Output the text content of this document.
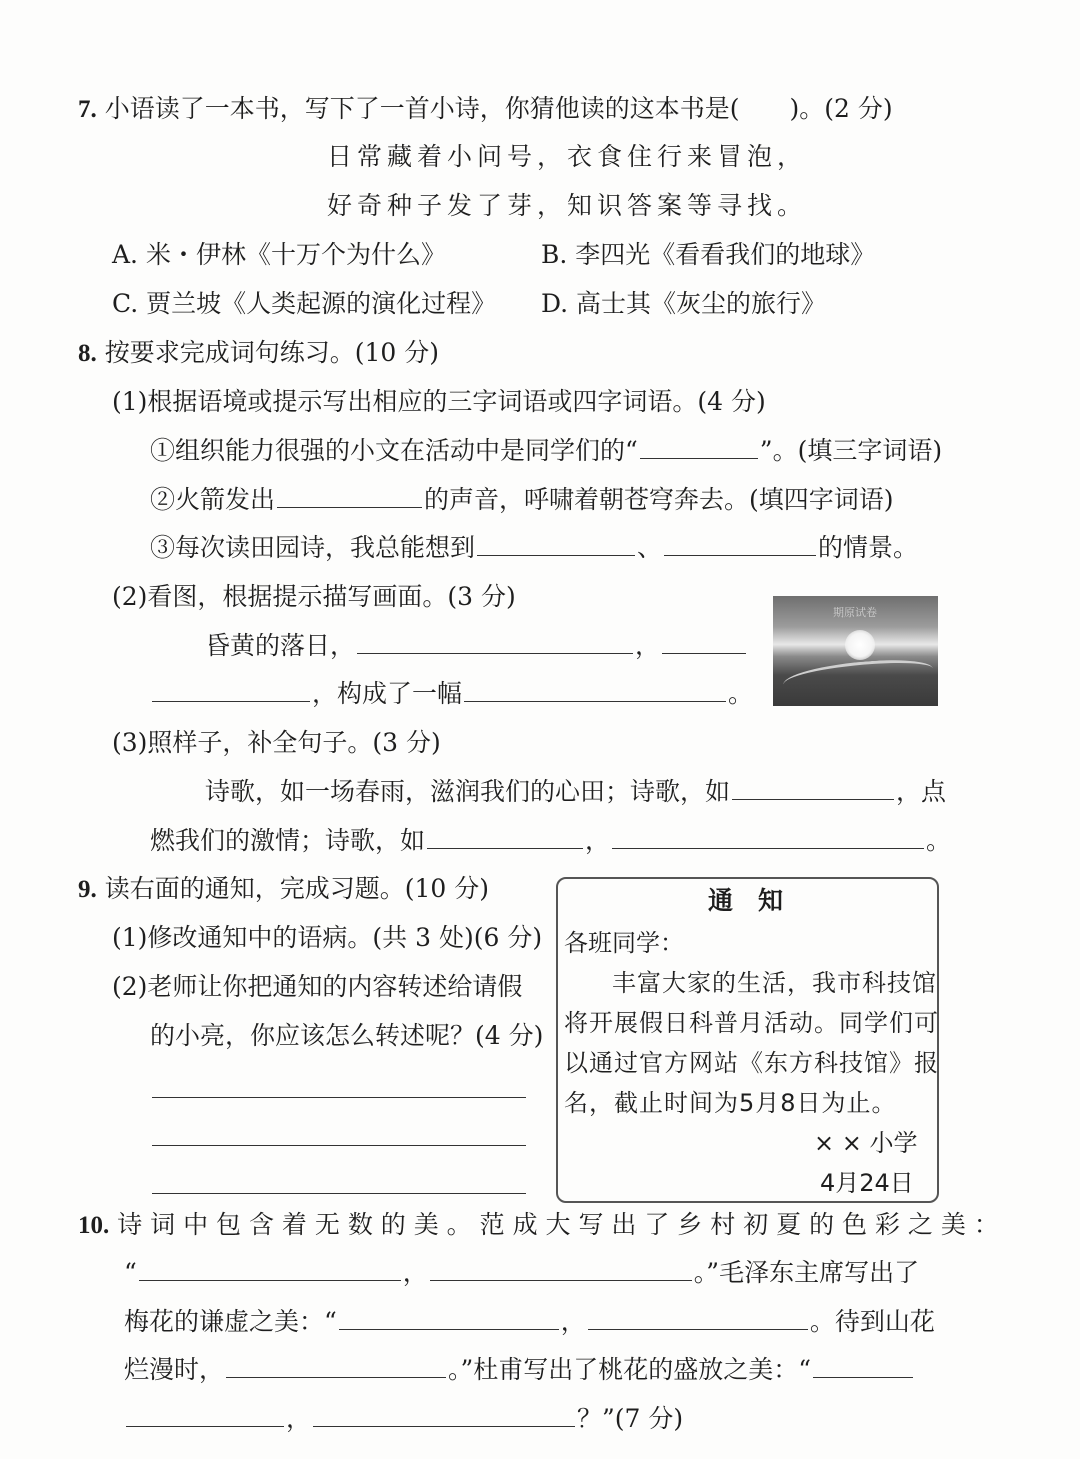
7. 小语读了一本书，写下了一首小诗，你猜他读的这本书是(　　)。(2 分)
日常藏着小问号，衣食住行来冒泡，
好奇种子发了芽，知识答案等寻找。
A. 米・伊林《十万个为什么》	B. 李四光《看看我们的地球》
C. 贾兰坡《人类起源的演化过程》 D. 高士其《灰尘的旅行》
8. 按要求完成词句练习。(10 分)
(1)根据语境或提示写出相应的三字词语或四字词语。(4 分)
①组织能力很强的小文在活动中是同学们的“	”。(填三字词语)
②火箭发出	的声音，呼啸着朝苍穹奔去。(填四字词语)
③每次读田园诗，我总能想到	、	的情景。
(2)看图，根据提示描写画面。(3 分)
昏黄的落日，	，
，构成了一幅	。
期原试卷
(3)照样子，补全句子。(3 分)
诗歌，如一场春雨，滋润我们的心田；诗歌，如	，点
燃我们的激情；诗歌，如	，	。
9. 读右面的通知，完成习题。(10 分)
(1)修改通知中的语病。(共 3 处)(6 分)
(2)老师让你把通知的内容转述给请假
的小亮，你应该怎么转述呢？(4 分)
通　知
各班同学：
丰富大家的生活，我市科技馆
将开展假日科普月活动。同学们可
以通过官方网站《东方科技馆》报
名，截止时间为5月8日为止。
× × 小学
4月24日
10. 诗 词 中 包 含 着 无 数 的 美 。 范 成 大 写 出 了 乡 村 初 夏 的 色 彩 之 美 ：
“	，	。”毛泽东主席写出了
梅花的谦虚之美：“	，	。待到山花
烂漫时，	。”杜甫写出了桃花的盛放之美：“
，	？”(7 分)
